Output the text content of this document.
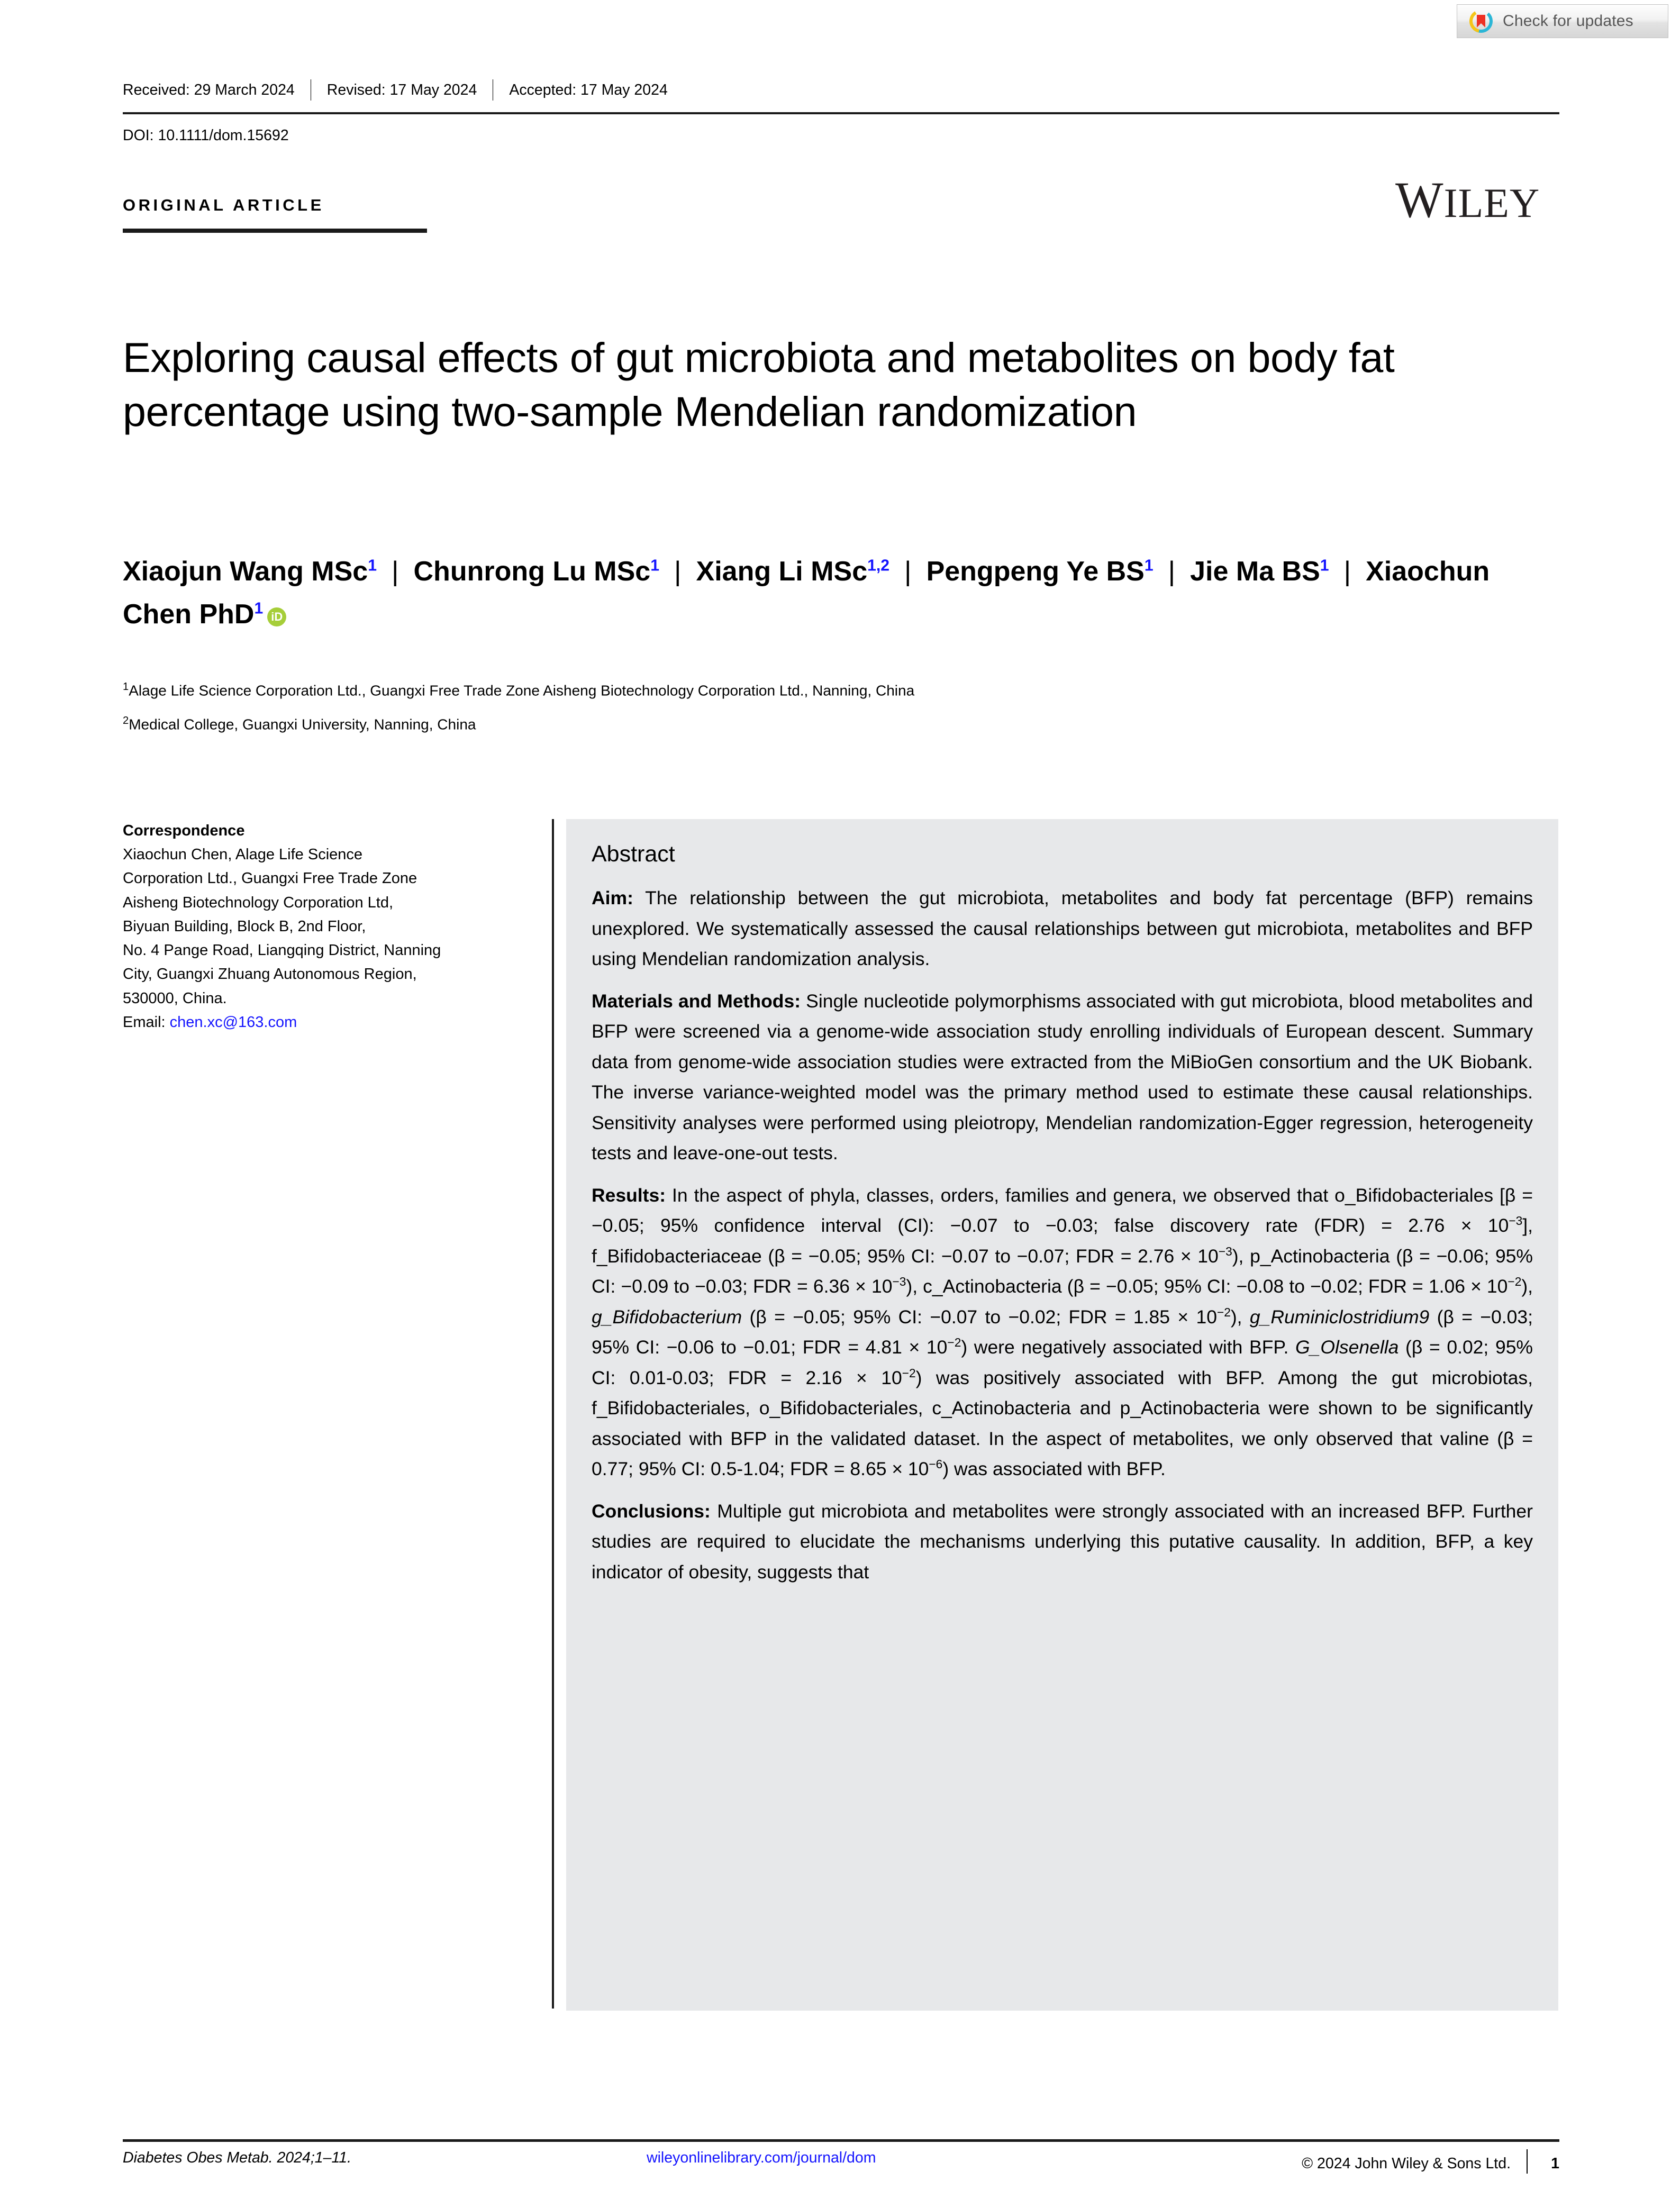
Check for updates
Received: 29 March 2024 Revised: 17 May 2024 Accepted: 17 May 2024
DOI: 10.1111/dom.15692
ORIGINAL ARTICLE	WILEY
Exploring causal effects of gut microbiota and metabolites on body fat percentage using two-sample Mendelian randomization
Xiaojun Wang MSc$^1$ | Chunrong Lu MSc$^1$ | Xiang Li MSc$^{1,2}$ | Pengpeng Ye $BS^1$ | Jie Ma $BS^1$ | Xiaochun Chen PhD$^1$ iD
$^1$Alage Life Science Corporation Ltd., Guangxi Free Trade Zone Aisheng Biotechnology Corporation Ltd., Nanning, China
$^2$Medical College, Guangxi University, Nanning, China
Correspondence
Xiaochun Chen, Alage Life Science
Corporation Ltd., Guangxi Free Trade Zone
Aisheng Biotechnology Corporation Ltd,
Biyuan Building, Block B, 2nd Floor,
No. 4 Pange Road, Liangqing District, Nanning
City, Guangxi Zhuang Autonomous Region,
530000, China.
Email: chen.xc@163.com
Abstract

Aim: The relationship between the gut microbiota, metabolites and body fat percentage (BFP) remains unexplored. We systematically assessed the causal relationships between gut microbiota, metabolites and BFP using Mendelian randomization analysis.

Materials and Methods: Single nucleotide polymorphisms associated with gut microbiota, blood metabolites and BFP were screened via a genome-wide association study enrolling individuals of European descent. Summary data from genome-wide association studies were extracted from the MiBioGen consortium and the UK Biobank. The inverse variance-weighted model was the primary method used to estimate these causal relationships. Sensitivity analyses were performed using pleiotropy, Mendelian randomization-Egger regression, heterogeneity tests and leave-one-out tests.

Results: In the aspect of phyla, classes, orders, families and genera, we observed that o_Bifidobacteriales [β = −0.05; 95% confidence interval (CI): −0.07 to −0.03; false discovery rate $(FDR) = 2.76 \times 10^{-3}$], f_Bifidobacteriaceae (β = −0.05; 95% CI: −0.07 to −0.07; FDR = $2.76 \times 10^{-3}$), p_Actinobacteria (β = −0.06; 95% CI: −0.09 to −0.03; FDR = $6.36 \times 10^{-3}$), c_Actinobacteria (β = −0.05; 95% CI: −0.08 to −0.02; FDR = $1.06 \times 10^{-2}$), g_Bifidobacterium (β = −0.05; 95% CI: −0.07 to −0.02; FDR = $1.85 \times 10^{-2}$), g_Ruminiclostridium9 (β = −0.03; 95% CI: −0.06 to −0.01; FDR = $4.81 \times 10^{-2}$) were negatively associated with BFP. G_Olsenella (β = 0.02; 95% CI: 0.01-0.03; FDR = $2.16 \times 10^{-2}$) was positively associated with BFP. Among the gut microbiotas, f_Bifidobacteriales, o_Bifidobacteriales, c_Actinobacteria and p_Actinobacteria were shown to be significantly associated with BFP in the validated dataset. In the aspect of metabolites, we only observed that valine (β = 0.77; 95% CI: 0.5-1.04; FDR = $8.65 \times 10^{-6}$) was associated with BFP.

Conclusions: Multiple gut microbiota and metabolites were strongly associated with an increased BFP. Further studies are required to elucidate the mechanisms underlying this putative causality. In addition, BFP, a key indicator of obesity, suggests that

Diabetes Obes Metab. 2024;1–11.	wileyonlinelibrary.com/journal/dom	© 2024 John Wiley & Sons Ltd.	1
